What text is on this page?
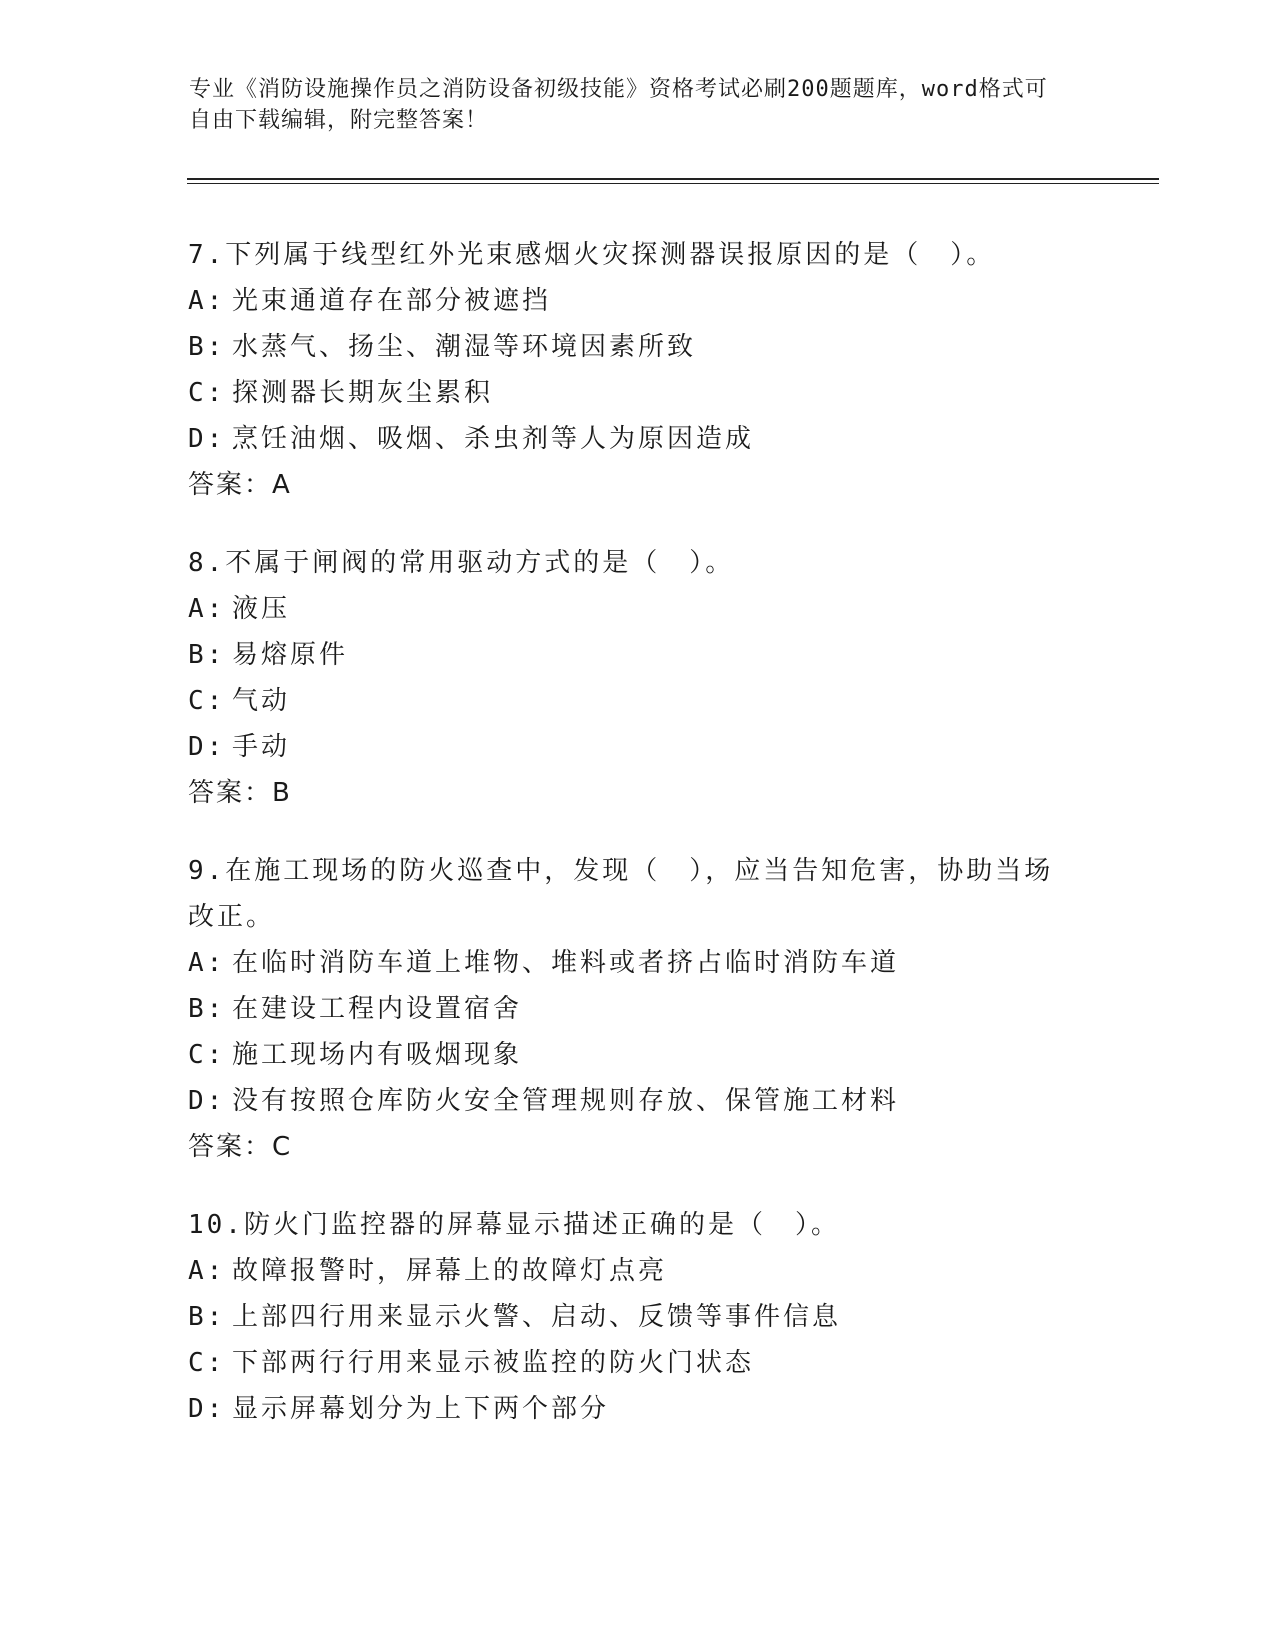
专业《消防设施操作员之消防设备初级技能》资格考试必刷200题题库，word格式可自由下载编辑，附完整答案！
7.下列属于线型红外光束感烟火灾探测器误报原因的是（　）。
A: 光束通道存在部分被遮挡
B: 水蒸气、扬尘、潮湿等环境因素所致
C: 探测器长期灰尘累积
D: 烹饪油烟、吸烟、杀虫剂等人为原因造成
答案：A
8.不属于闸阀的常用驱动方式的是（　）。
A: 液压
B: 易熔原件
C: 气动
D: 手动
答案：B
9.在施工现场的防火巡查中，发现（　），应当告知危害，协助当场改正。
A: 在临时消防车道上堆物、堆料或者挤占临时消防车道
B: 在建设工程内设置宿舍
C: 施工现场内有吸烟现象
D: 没有按照仓库防火安全管理规则存放、保管施工材料
答案：C
10.防火门监控器的屏幕显示描述正确的是（　）。
A: 故障报警时，屏幕上的故障灯点亮
B: 上部四行用来显示火警、启动、反馈等事件信息
C: 下部两行行用来显示被监控的防火门状态
D: 显示屏幕划分为上下两个部分
